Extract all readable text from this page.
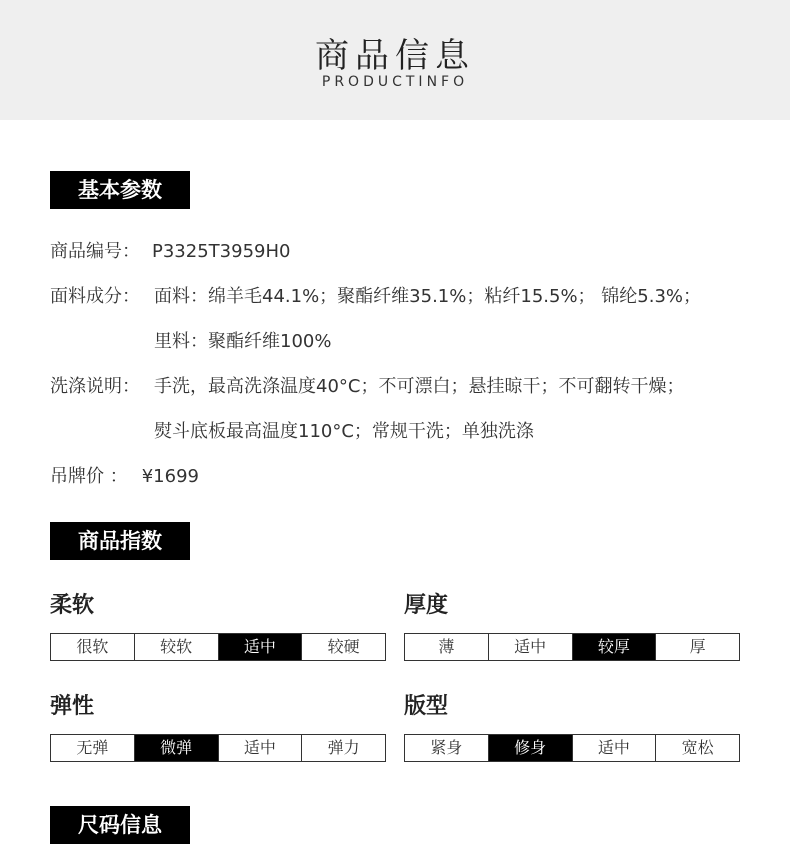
商品信息
PRODUCTINFO
基本参数
商品编号： P3325T3959H0
面料成分： 面料：绵羊毛44.1%；聚酯纤维35.1%；粘纤15.5%； 锦纶5.3%；
里料：聚酯纤维100%
洗涤说明： 手洗，最高洗涤温度40°C；不可漂白；悬挂晾干；不可翻转干燥；
熨斗底板最高温度110°C；常规干洗；单独洗涤
吊牌价 ： ¥1699
商品指数
柔软
很软	较软	适中	较硬
厚度
薄	适中	较厚	厚
弹性
无弹	微弹	适中	弹力
版型
紧身	修身	适中	宽松
尺码信息
